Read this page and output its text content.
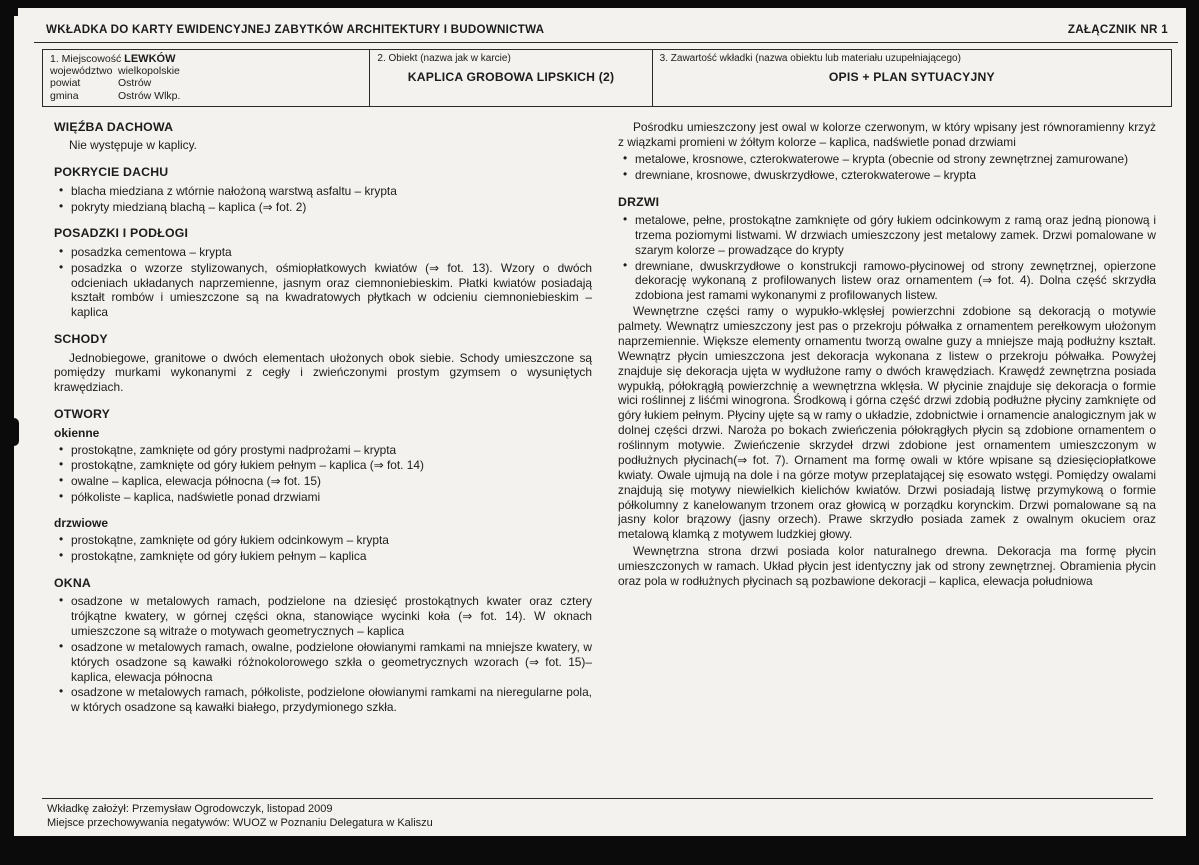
WKŁADKA DO KARTY EWIDENCYJNEJ ZABYTKÓW ARCHITEKTURY I BUDOWNICTWA	ZAŁĄCZNIK NR 1
1. Miejscowość LEWKÓW
województwo wielkopolskie
powiat	Ostrów
gmina	Ostrów Wlkp.

2. Obiekt (nazwa jak w karcie)
KAPLICA GROBOWA LIPSKICH (2)

3. Zawartość wkładki (nazwa obiektu lub materiału uzupełniającego)
OPIS + PLAN SYTUACYJNY
WIĘŹBA DACHOWA

Nie występuje w kaplicy.

POKRYCIE DACHU

• blacha miedziana z wtórnie nałożoną warstwą asfaltu – krypta

• pokryty miedzianą blachą – kaplica (⇒ fot. 2)

POSADZKI I PODŁOGI

• posadzka cementowa – krypta

• posadzka o wzorze stylizowanych, ośmiopłatkowych kwiatów (⇒ fot. 13). Wzory o dwóch odcieniach układanych naprzemienne, jasnym oraz ciemnoniebieskim. Płatki kwiatów posiadają kształt rombów i umieszczone są na kwadratowych płytkach w odcieniu ciemnoniebieskim – kaplica

SCHODY

Jednobiegowe, granitowe o dwóch elementach ułożonych obok siebie. Schody umieszczone są pomiędzy murkami wykonanymi z cegły i zwieńczonymi prostym gzymsem o wysuniętych krawędziach.

OTWORY
okienne

• prostokątne, zamknięte od góry prostymi nadprożami – krypta

• prostokątne, zamknięte od góry łukiem pełnym – kaplica (⇒ fot. 14)

• owalne – kaplica, elewacja północna (⇒ fot. 15)

• półkoliste – kaplica, nadświetle ponad drzwiami

drzwiowe

• prostokątne, zamknięte od góry łukiem odcinkowym – krypta

• prostokątne, zamknięte od góry łukiem pełnym – kaplica

OKNA

• osadzone w metalowych ramach, podzielone na dziesięć prostokątnych kwater oraz cztery trójkątne kwatery, w górnej części okna, stanowiące wycinki koła (⇒ fot. 14). W oknach umieszczone są witraże o motywach geometrycznych – kaplica

• osadzone w metalowych ramach, owalne, podzielone ołowianymi ramkami na mniejsze kwatery, w których osadzone są kawałki różnokolorowego szkła o geometrycznych wzorach (⇒ fot. 15)– kaplica, elewacja północna

• osadzone w metalowych ramach, półkoliste, podzielone ołowianymi ramkami na nieregularne pola, w których osadzone są kawałki białego, przydymionego szkła.

Pośrodku umieszczony jest owal w kolorze czerwonym, w który wpisany jest równoramienny krzyż z wiązkami promieni w żółtym kolorze – kaplica, nadświetle ponad drzwiami

• metalowe, krosnowe, czterokwaterowe – krypta (obecnie od strony zewnętrznej zamurowane)

• drewniane, krosnowe, dwuskrzydłowe, czterokwaterowe – krypta

DRZWI

• metalowe, pełne, prostokątne zamknięte od góry łukiem odcinkowym z ramą oraz jedną pionową i trzema poziomymi listwami. W drzwiach umieszczony jest metalowy zamek. Drzwi pomalowane w szarym kolorze – prowadzące do krypty

• drewniane, dwuskrzydłowe o konstrukcji ramowo-płycinowej od strony zewnętrznej, opierzone dekorację wykonaną z profilowanych listew oraz ornamentem (⇒ fot. 4). Dolna część skrzydła zdobiona jest ramami wykonanymi z profilowanych listew.

Wewnętrzne części ramy o wypukło-wklęsłej powierzchni zdobione są dekoracją o motywie palmety. Wewnątrz umieszczony jest pas o przekroju półwałka z ornamentem perełkowym ułożonym naprzemiennie. Większe elementy ornamentu tworzą owalne guzy a mniejsze mają podłużny kształt. Wewnątrz płycin umieszczona jest dekoracja wykonana z listew o przekroju półwałka. Powyżej znajduje się dekoracja ujęta w wydłużone ramy o dwóch krawędziach. Krawędź zewnętrzna posiada wypukłą, półokrągłą powierzchnię a wewnętrzna wklęsła. W płycinie znajduje się dekoracja o formie wici roślinnej z liśćmi winogrona. Środkową i górna część drzwi zdobią podłużne płyciny zamknięte od góry łukiem pełnym. Płyciny ujęte są w ramy o układzie, zdobnictwie i ornamencie analogicznym jak w dolnej części drzwi. Naroża po bokach zwieńczenia półokrągłych płycin są zdobione ornamentem o roślinnym motywie. Zwieńczenie skrzydeł drzwi zdobione jest ornamentem umieszczonym w podłużnych płycinach(⇒ fot. 7). Ornament ma formę owali w które wpisane są dziesięciopłatkowe kwiaty. Owale ujmują na dole i na górze motyw przeplatającej się esowato wstęgi. Pomiędzy owalami znajdują się motywy niewielkich kielichów kwiatów. Drzwi posiadają listwę przymykową o formie półkolumny z kanelowanym trzonem oraz głowicą w porządku korynckim. Drzwi pomalowane są na jasny kolor brązowy (jasny orzech). Prawe skrzydło posiada zamek z owalnym okuciem oraz metalową klamką z motywem ludzkiej głowy.

Wewnętrzna strona drzwi posiada kolor naturalnego drewna. Dekoracja ma formę płycin umieszczonych w ramach. Układ płycin jest identyczny jak od strony zewnętrznej. Obramienia płycin oraz pola w rodłużnych płycinach są pozbawione dekoracji – kaplica, elewacja południowa

Wkładkę założył: Przemysław Ogrodowczyk, listopad 2009
Miejsce przechowywania negatywów: WUOZ w Poznaniu Delegatura w Kaliszu
